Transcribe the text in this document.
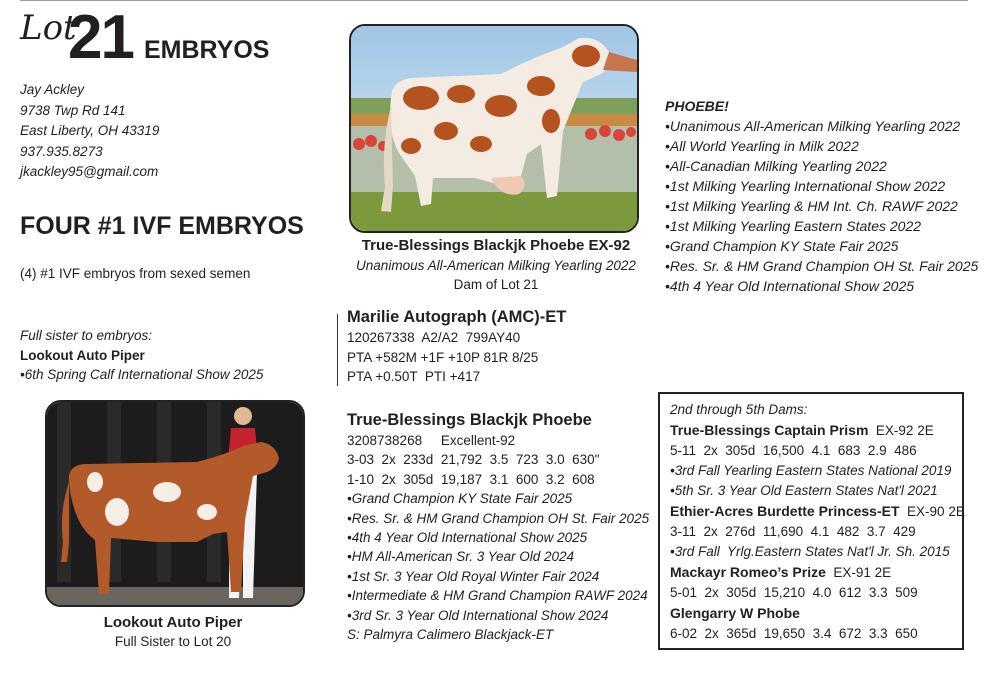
Lot
21 EMBRYOS
Jay Ackley
9738 Twp Rd 141
East Liberty, OH 43319
937.935.8273
jkackley95@gmail.com
FOUR #1 IVF EMBRYOS
(4) #1 IVF embryos from sexed semen
Full sister to embryos:
Lookout Auto Piper
•6th Spring Calf International Show 2025
True-Blessings Blackjk Phoebe EX-92
Unanimous All-American Milking Yearling 2022
Dam of Lot 21
PHOEBE!
•Unanimous All-American Milking Yearling 2022
•All World Yearling in Milk 2022
•All-Canadian Milking Yearling 2022
•1st Milking Yearling International Show 2022
•1st Milking Yearling & HM Int. Ch. RAWF 2022
•1st Milking Yearling Eastern States 2022
•Grand Champion KY State Fair 2025
•Res. Sr. & HM Grand Champion OH St. Fair 2025
•4th 4 Year Old International Show 2025
Lookout Auto Piper
Full Sister to Lot 20
Marilie Autograph (AMC)-ET
120267338  A2/A2  799AY40
PTA +582M +1F +10P 81R 8/25
PTA +0.50T  PTI +417
True-Blessings Blackjk Phoebe
3208738268     Excellent-92
3-03  2x  233d  21,792  3.5  723  3.0  630"
1-10  2x  305d  19,187  3.1  600  3.2  608
•Grand Champion KY State Fair 2025
•Res. Sr. & HM Grand Champion OH St. Fair 2025
•4th 4 Year Old International Show 2025
•HM All-American Sr. 3 Year Old 2024
•1st Sr. 3 Year Old Royal Winter Fair 2024
•Intermediate & HM Grand Champion RAWF 2024
•3rd Sr. 3 Year Old International Show 2024
S: Palmyra Calimero Blackjack-ET
2nd through 5th Dams:
True-Blessings Captain Prism EX-92 2E
5-11  2x  305d  16,500  4.1  683  2.9  486
•3rd Fall Yearling Eastern States National 2019
•5th Sr. 3 Year Old Eastern States Nat'l 2021
Ethier-Acres Burdette Princess-ET EX-90 2E
3-11  2x  276d  11,690  4.1  482  3.7  429
•3rd Fall  Yrlg.Eastern States Nat'l Jr. Sh. 2015
Mackayr Romeo’s Prize EX-91 2E
5-01  2x  305d  15,210  4.0  612  3.3  509
Glengarry W Phobe
6-02  2x  365d  19,650  3.4  672  3.3  650
